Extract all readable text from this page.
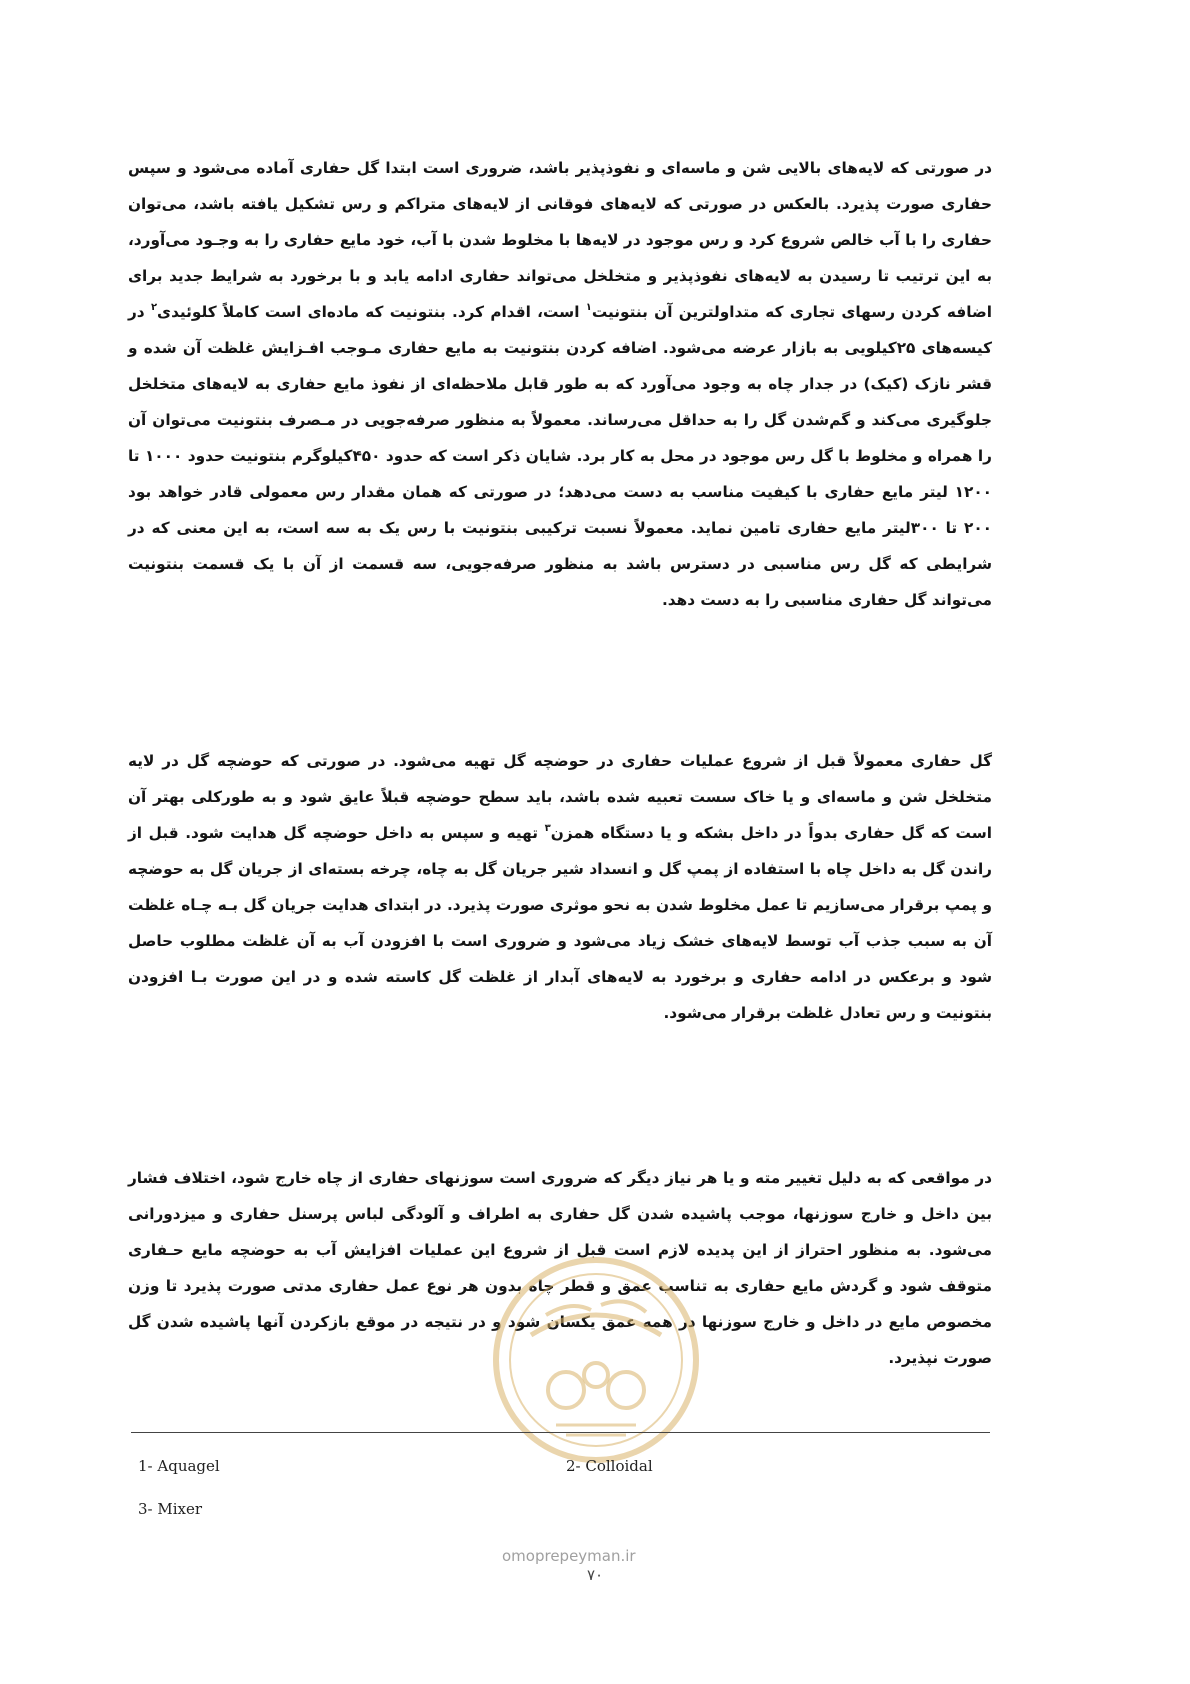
در صورتی که لایه‌های بالایی شن و ماسه‌ای و نفوذپذیر باشد، ضروری است ابتدا گل حفاری آماده می‌شود و سپس حفاری صورت پذیرد. بالعکس در صورتی که لایه‌های فوقانی از لایه‌های متراکم و رس تشکیل یافته باشد، می‌توان حفاری را با آب خالص شروع کرد و رس موجود در لایه‌ها با مخلوط شدن با آب، خود مایع حفاری را به وجـود می‌آورد، به این ترتیب تا رسیدن به لایه‌های نفوذپذیر و متخلخل می‌تواند حفاری ادامه یابد و با برخورد به شرایط جدید برای اضافه کردن رسهای تجاری که متداولترین آن بنتونیت$^۱$ است، اقدام کرد. بنتونیت که ماده‌ای است کاملاً کلوئیدی$^۲$ در کیسه‌های ۲۵کیلویی به بازار عرضه می‌شود. اضافه کردن بنتونیت به مایع حفاری مـوجب افـزایش غلظت آن شده و قشر نازک (کیک) در جدار چاه به وجود می‌آورد که به طور قابل ملاحظه‌ای از نفوذ مایع حفاری به لایه‌های متخلخل جلوگیری می‌کند و گم‌شدن گل را به حداقل می‌رساند. معمولاً به منظور صرفه‌جویی در مـصرف بنتونیت می‌توان آن را همراه و مخلوط با گل رس موجود در محل به کار برد. شایان ذکر است که حدود ۴۵۰کیلوگرم بنتونیت حدود ۱۰۰۰ تا ۱۲۰۰ لیتر مایع حفاری با کیفیت مناسب به دست می‌دهد؛ در صورتی که همان مقدار رس معمولی قادر خواهد بود ۲۰۰ تا ۳۰۰لیتر مایع حفاری تامین نماید. معمولاً نسبت ترکیبی بنتونیت با رس یک به سه است، به این معنی که در شرایطی که گل رس مناسبی در دسترس باشد به منظور صرفه‌جویی، سه قسمت از آن با یک قسمت بنتونیت می‌تواند گل حفاری مناسبی را به دست دهد.

گل حفاری معمولاً قبل از شروع عملیات حفاری در حوضچه گل تهیه می‌شود. در صورتی که حوضچه گل در لایه متخلخل شن و ماسه‌ای و یا خاک سست تعبیه شده باشد، باید سطح حوضچه قبلاً عایق شود و به طورکلی بهتر آن است که گل حفاری بدواً در داخل بشکه و یا دستگاه همزن$^۳$ تهیه و سپس به داخل حوضچه گل هدایت شود. قبل از راندن گل به داخل چاه با استفاده از پمپ گل و انسداد شیر جریان گل به چاه، چرخه بسته‌ای از جریان گل به حوضچه و پمپ برقرار می‌سازیم تا عمل مخلوط شدن به نحو موثری صورت پذیرد. در ابتدای هدایت جریان گل بـه چـاه غلظت آن به سبب جذب آب توسط لایه‌های خشک زیاد می‌شود و ضروری است با افزودن آب به آن غلظت مطلوب حاصل شود و برعکس در ادامه حفاری و برخورد به لایه‌های آبدار از غلظت گل کاسته شده و در این صورت بـا افزودن بنتونیت و رس تعادل غلظت برقرار می‌شود.

در مواقعی که به دلیل تغییر مته و یا هر نیاز دیگر که ضروری است سوزنهای حفاری از چاه خارج شود، اختلاف فشار بین داخل و خارج سوزنها، موجب پاشیده شدن گل حفاری به اطراف و آلودگی لباس پرسنل حفاری و میزدورانی می‌شود. به منظور احتراز از این پدیده لازم است قبل از شروع این عملیات افزایش آب به حوضچه مایع حـفاری متوقف شود و گردش مایع حفاری به تناسب عمق و قطر چاه بدون هر نوع عمل حفاری مدتی صورت پذیرد تا وزن مخصوص مایع در داخل و خارج سوزنها در همه عمق یکسان شود و در نتیجه در موقع بازکردن آنها پاشیده شدن گل صورت نپذیرد.

1- Aquagel	2- Colloidal
3- Mixer
omoprepeyman.ir
۷۰
